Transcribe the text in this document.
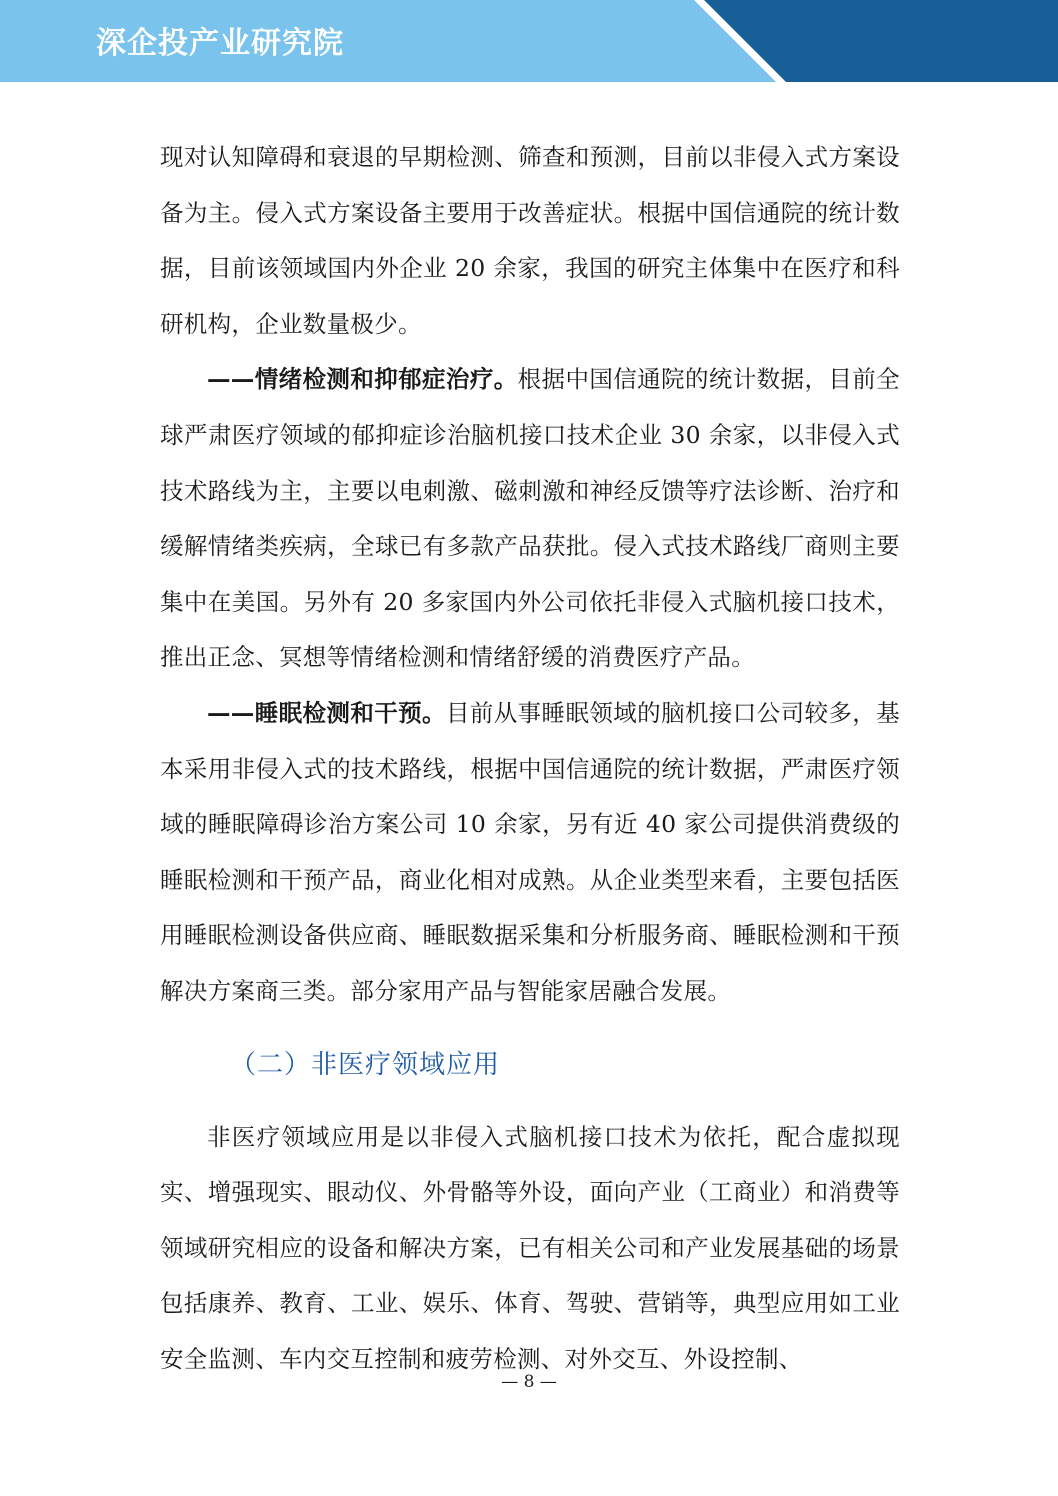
深企投产业研究院

现对认知障碍和衰退的早期检测、筛查和预测，目前以非侵入式方案设备为主。侵入式方案设备主要用于改善症状。根据中国信通院的统计数据，目前该领域国内外企业 20 余家，我国的研究主体集中在医疗和科研机构，企业数量极少。

——情绪检测和抑郁症治疗。根据中国信通院的统计数据，目前全球严肃医疗领域的郁抑症诊治脑机接口技术企业 30 余家，以非侵入式技术路线为主，主要以电刺激、磁刺激和神经反馈等疗法诊断、治疗和缓解情绪类疾病，全球已有多款产品获批。侵入式技术路线厂商则主要集中在美国。另外有 20 多家国内外公司依托非侵入式脑机接口技术，推出正念、冥想等情绪检测和情绪舒缓的消费医疗产品。

——睡眠检测和干预。目前从事睡眠领域的脑机接口公司较多，基本采用非侵入式的技术路线，根据中国信通院的统计数据，严肃医疗领域的睡眠障碍诊治方案公司 10 余家，另有近 40 家公司提供消费级的睡眠检测和干预产品，商业化相对成熟。从企业类型来看，主要包括医用睡眠检测设备供应商、睡眠数据采集和分析服务商、睡眠检测和干预解决方案商三类。部分家用产品与智能家居融合发展。

（二）非医疗领域应用

非医疗领域应用是以非侵入式脑机接口技术为依托，配合虚拟现实、增强现实、眼动仪、外骨骼等外设，面向产业（工商业）和消费等领域研究相应的设备和解决方案，已有相关公司和产业发展基础的场景包括康养、教育、工业、娱乐、体育、驾驶、营销等，典型应用如工业安全监测、车内交互控制和疲劳检测、对外交互、外设控制、

— 8 —
